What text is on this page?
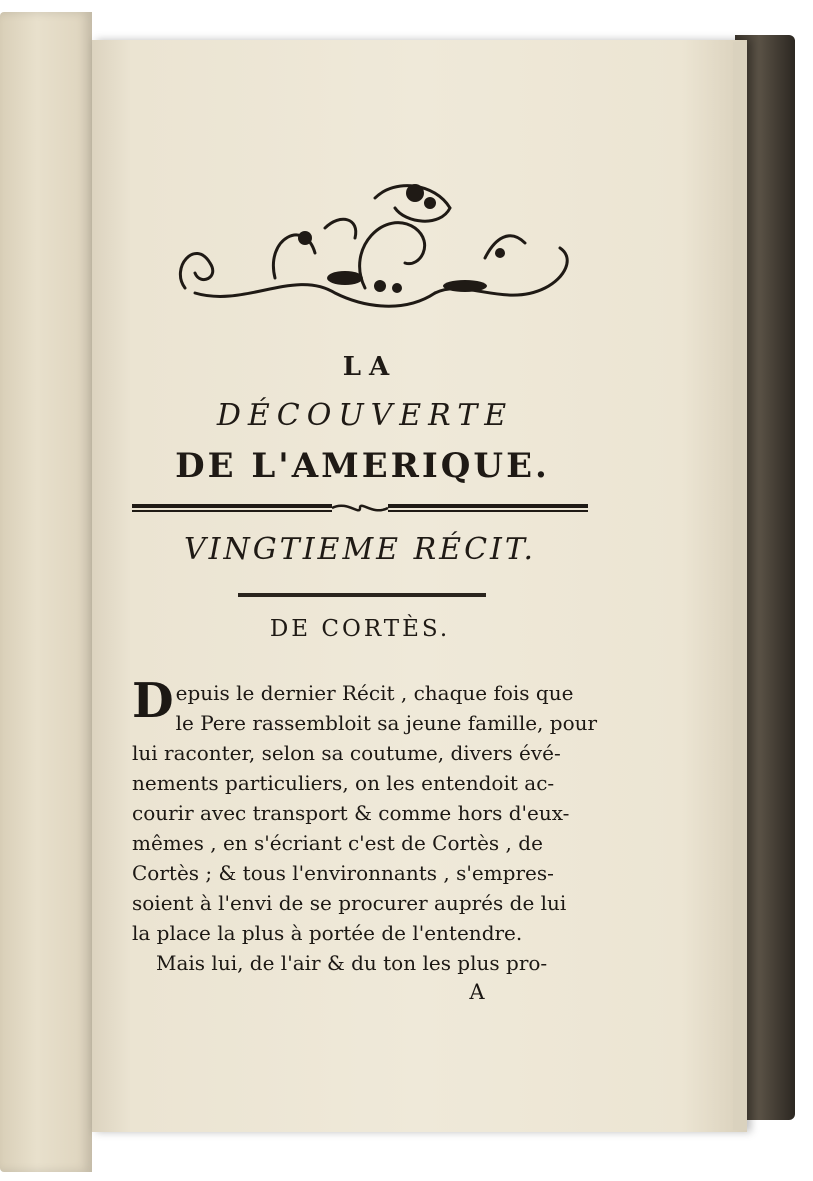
LA
DÉCOUVERTE
DE L'AMERIQUE.
VINGTIEME RÉCIT.
DE CORTÈS.
D epuis le dernier Récit , chaque fois que
le Pere rassembloit sa jeune famille, pour
lui raconter, selon sa coutume, divers évé-
nements particuliers, on les entendoit ac-
courir avec transport & comme hors d'eux-
mêmes , en s'écriant c'est de Cortès , de
Cortès ; & tous l'environnants , s'empres-
soient à l'envi de se procurer auprés de lui
la place la plus à portée de l'entendre.
Mais lui, de l'air & du ton les plus pro-
A
